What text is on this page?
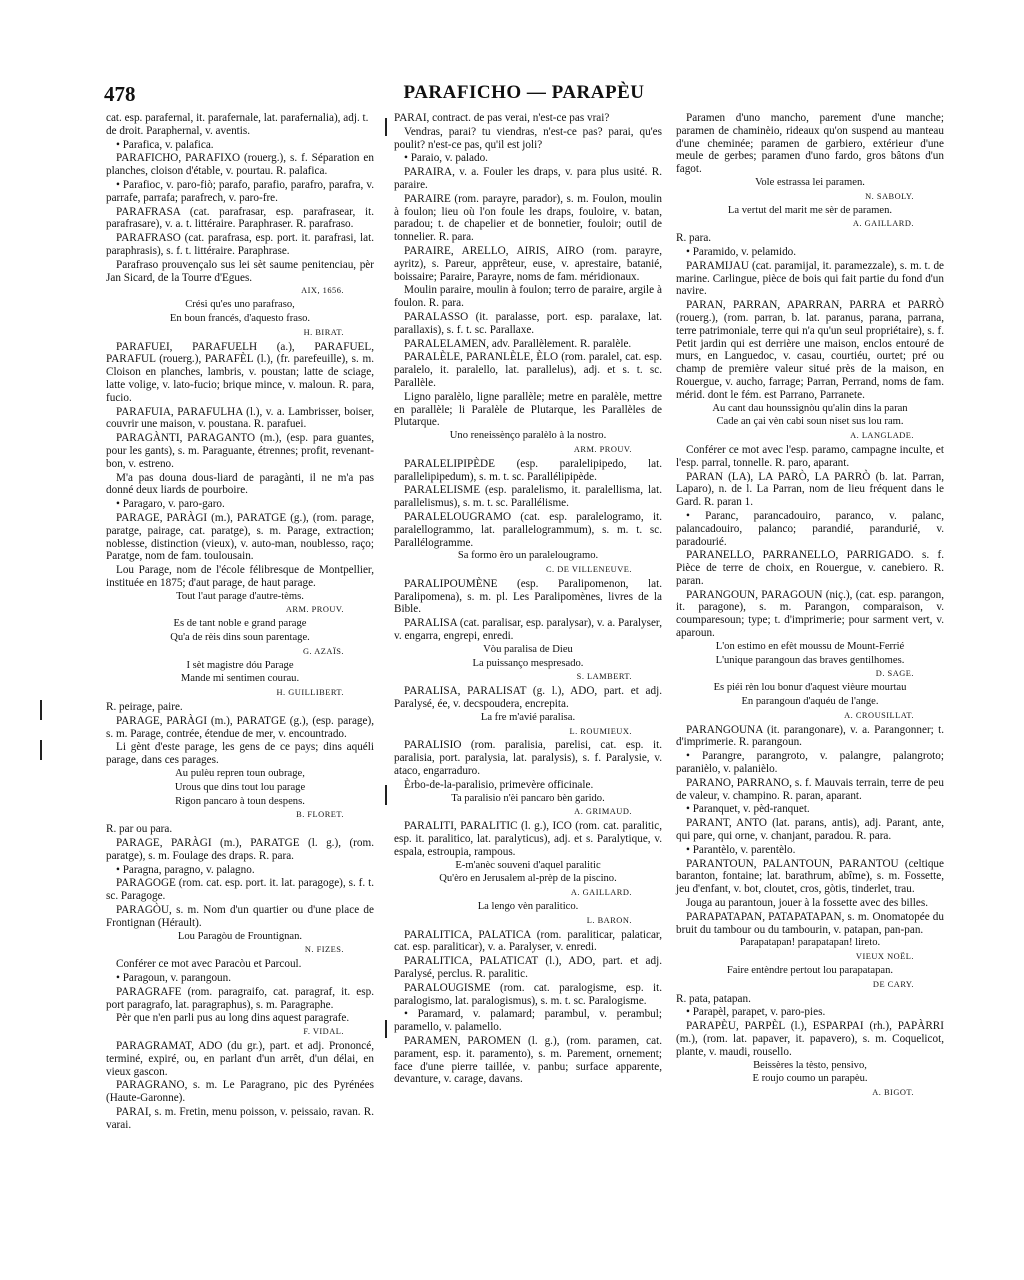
478	PARAFICHO — PARAPÈU

cat. esp. parafernal, it. parafernale, lat. parafernalia), adj. t. de droit. Paraphernal, v. aventis.

• Parafica, v. palafica.

PARAFICHO, PARAFIXO (rouerg.), s. f. Séparation en planches, cloison d'étable, v. pourtau. R. palafica.

• Parafioc, v. paro-fiò; parafo, parafio, parafro, parafra, v. parrafe, parrafa; parafrech, v. paro-fre.

PARAFRASA (cat. parafrasar, esp. parafrasear, it. parafrasare), v. a. t. littéraire. Paraphraser. R. parafraso.

PARAFRASO (cat. parafrasa, esp. port. it. parafrasi, lat. paraphrasis), s. f. t. littéraire. Paraphrase.

Parafraso prouvençalo sus lei sèt saume penitenciau, pèr Jan Sicard, de la Tourre d'Egues.

AIX, 1656.

Crési qu'es uno parafraso,

En boun francés, d'aquesto fraso.

H. BIRAT.

PARAFUEI, PARAFUELH (a.), PARAFUEL, PARAFUL (rouerg.), PARAFÈL (l.), (fr. parefeuille), s. m. Cloison en planches, lambris, v. poustan; latte de sciage, latte volige, v. lato-fucio; brique mince, v. maloun. R. para, fucio.

PARAFUIA, PARAFULHA (l.), v. a. Lambrisser, boiser, couvrir une maison, v. poustana. R. parafuei.

PARAGÀNTI, PARAGANTO (m.), (esp. para guantes, pour les gants), s. m. Paraguante, étrennes; profit, revenant-bon, v. estreno.

M'a pas douna dous-liard de paragànti, il ne m'a pas donné deux liards de pourboire.

• Paragaro, v. paro-garo.

PARAGE, PARÀGI (m.), PARATGE (g.), (rom. parage, paratge, pairage, cat. paratge), s. m. Parage, extraction; noblesse, distinction (vieux), v. auto-man, noublesso, raço; Paratge, nom de fam. toulousain.

Lou Parage, nom de l'école félibresque de Montpellier, instituée en 1875; d'aut parage, de haut parage.

Tout l'aut parage d'autre-tèms.

ARM. PROUV.

Es de tant noble e grand parage

Qu'a de rèis dins soun parentage.

G. AZAÏS.

I sèt magistre dóu Parage

Mande mi sentimen courau.

H. GUILLIBERT.

R. peirage, paire.

PARAGE, PARÀGI (m.), PARATGE (g.), (esp. parage), s. m. Parage, contrée, étendue de mer, v. encountrado.

Li gènt d'este parage, les gens de ce pays; dins aquéli parage, dans ces parages.

Au pulèu repren toun oubrage,

Urous que dins tout lou parage

Rigon pancaro à toun despens.

B. FLORET.

R. par ou para.

PARAGE, PARÀGI (m.), PARATGE (l. g.), (rom. paratge), s. m. Foulage des draps. R. para.

• Paragna, paragno, v. palagno.

PARAGOGE (rom. cat. esp. port. it. lat. paragoge), s. f. t. sc. Paragoge.

PARAGÒU, s. m. Nom d'un quartier ou d'une place de Frontignan (Hérault).

Lou Paragòu de Frountignan.

N. FIZES.

Conférer ce mot avec Paracòu et Parcoul.

• Paragoun, v. parangoun.

PARAGRAFE (rom. paragraifo, cat. paragraf, it. esp. port paragrafo, lat. paragraphus), s. m. Paragraphe.

Pèr que n'en parli pus au long dins aquest paragrafe.

F. VIDAL.

PARAGRAMAT, ADO (du gr.), part. et adj. Prononcé, terminé, expiré, ou, en parlant d'un arrêt, d'un délai, en vieux gascon.

PARAGRANO, s. m. Le Paragrano, pic des Pyrénées (Haute-Garonne).

PARAI, s. m. Fretin, menu poisson, v. peissaio, ravan. R. varai.

PARAI, contract. de pas verai, n'est-ce pas vrai?

Vendras, parai? tu viendras, n'est-ce pas? parai, qu'es poulit? n'est-ce pas, qu'il est joli?

• Paraio, v. palado.

PARAIRA, v. a. Fouler les draps, v. para plus usité. R. paraire.

PARAIRE (rom. parayre, parador), s. m. Foulon, moulin à foulon; lieu où l'on foule les draps, fouloire, v. batan, paradou; t. de chapelier et de bonnetier, fouloir; outil de tonnelier. R. para.

PARAIRE, ARELLO, AIRIS, AIRO (rom. parayre, ayritz), s. Pareur, apprêteur, euse, v. aprestaire, batanié, boissaire; Paraire, Parayre, noms de fam. méridionaux.

Moulin paraire, moulin à foulon; terro de paraire, argile à foulon. R. para.

PARALASSO (it. paralasse, port. esp. paralaxe, lat. parallaxis), s. f. t. sc. Parallaxe.

PARALELAMEN, adv. Parallèlement. R. paralèle.

PARALÈLE, PARANLÈLE, ÈLO (rom. paralel, cat. esp. paralelo, it. paralello, lat. parallelus), adj. et s. t. sc. Parallèle.

Ligno paralèlo, ligne parallèle; metre en paralèle, mettre en parallèle; li Paralèle de Plutarque, les Parallèles de Plutarque.

Uno reneissènço paralèlo à la nostro.

ARM. PROUV.

PARALELIPIPÈDE (esp. paralelipipedo, lat. parallelipipedum), s. m. t. sc. Parallélipipède.

PARALELISME (esp. paralelismo, it. paralellisma, lat. parallelismus), s. m. t. sc. Parallélisme.

PARALELOUGRAMO (cat. esp. paralelogramo, it. paralellogrammo, lat. parallelogrammum), s. m. t. sc. Parallélogramme.

Sa formo èro un paralelougramo.

C. DE VILLENEUVE.

PARALIPOUMÈNE (esp. Paralipomenon, lat. Paralipomena), s. m. pl. Les Paralipomènes, livres de la Bible.

PARALISA (cat. paralisar, esp. paralysar), v. a. Paralyser, v. engarra, engrepi, enredi.

Vòu paralisa de Dieu

La puissanço mespresado.

S. LAMBERT.

PARALISA, PARALISAT (g. l.), ADO, part. et adj. Paralysé, ée, v. decspoudera, encrepita.

La fre m'avié paralisa.

L. ROUMIEUX.

PARALISIO (rom. paralisia, parelisi, cat. esp. it. paralisia, port. paralysia, lat. paralysis), s. f. Paralysie, v. ataco, engarraduro.

Èrbo-de-la-paralisio, primevère officinale.

Ta paralisio n'èi pancaro bèn garido.

A. GRIMAUD.

PARALITI, PARALITIC (l. g.), ICO (rom. cat. paralitic, esp. it. paralitico, lat. paralyticus), adj. et s. Paralytique, v. espala, estroupia, rampous.

E-m'anèc souveni d'aquel paralitic

Qu'èro en Jerusalem al-prèp de la piscino.

A. GAILLARD.

La lengo vèn paralitico.

L. BARON.

PARALITICA, PALATICA (rom. paraliticar, palaticar, cat. esp. paraliticar), v. a. Paralyser, v. enredi.

PARALITICA, PALATICAT (l.), ADO, part. et adj. Paralysé, perclus. R. paralitic.

PARALOUGISME (rom. cat. paralogisme, esp. it. paralogismo, lat. paralogismus), s. m. t. sc. Paralogisme.

• Paramard, v. palamard; parambul, v. perambul; paramello, v. palamello.

PARAMEN, PAROMEN (l. g.), (rom. paramen, cat. parament, esp. it. paramento), s. m. Parement, ornement; face d'une pierre taillée, v. panbu; surface apparente, devanture, v. carage, davans.

Paramen d'uno mancho, parement d'une manche; paramen de chaminèio, rideaux qu'on suspend au manteau d'une cheminée; paramen de garbiero, extérieur d'une meule de gerbes; paramen d'uno fardo, gros bâtons d'un fagot.

Vole estrassa lei paramen.

N. SABOLY.

La vertut del marit me sèr de paramen.

A. GAILLARD.

R. para.

• Paramido, v. pelamido.

PARAMIJAU (cat. paramijal, it. paramezzale), s. m. t. de marine. Carlingue, pièce de bois qui fait partie du fond d'un navire.

PARAN, PARRAN, APARRAN, PARRA et PARRÒ (rouerg.), (rom. parran, b. lat. paranus, parana, parrana, terre patrimoniale, terre qui n'a qu'un seul propriétaire), s. f. Petit jardin qui est derrière une maison, enclos entouré de murs, en Languedoc, v. casau, courtiéu, ourtet; pré ou champ de première valeur situé près de la maison, en Rouergue, v. aucho, farrage; Parran, Perrand, noms de fam. mérid. dont le fém. est Parrano, Parranete.

Au cant dau hounssignòu qu'alin dins la paran

Cade an çai vèn cabi soun niset sus lou ram.

A. LANGLADE.

Conférer ce mot avec l'esp. paramo, campagne inculte, et l'esp. parral, tonnelle. R. paro, aparant.

PARAN (LA), LA PARÒ, LA PARRÒ (b. lat. Parran, Laparo), n. de l. La Parran, nom de lieu fréquent dans le Gard. R. paran 1.

• Paranc, parancadouiro, paranco, v. palanc, palancadouiro, palanco; parandié, parandurié, v. paradourié.

PARANELLO, PARRANELLO, PARRIGADO. s. f. Pièce de terre de choix, en Rouergue, v. canebiero. R. paran.

PARANGOUN, PARAGOUN (niç.), (cat. esp. parangon, it. paragone), s. m. Parangon, comparaison, v. coumparesoun; type; t. d'imprimerie; pour sarment vert, v. aparoun.

L'on estimo en efèt moussu de Mount-Ferrié

L'unique parangoun das braves gentilhomes.

D. SAGE.

Es piéi rèn lou bonur d'aquest vièure mourtau

En parangoun d'aquéu de l'ange.

A. CROUSILLAT.

PARANGOUNA (it. parangonare), v. a. Parangonner; t. d'imprimerie. R. parangoun.

• Parangre, parangroto, v. palangre, palangroto; paranièlo, v. palanièlo.

PARANO, PARRANO, s. f. Mauvais terrain, terre de peu de valeur, v. champino. R. paran, aparant.

• Paranquet, v. pèd-ranquet.

PARANT, ANTO (lat. parans, antis), adj. Parant, ante, qui pare, qui orne, v. chanjant, paradou. R. para.

• Parantèlo, v. parentèlo.

PARANTOUN, PALANTOUN, PARANTOU (celtique baranton, fontaine; lat. barathrum, abîme), s. m. Fossette, jeu d'enfant, v. bot, cloutet, cros, gòtis, tinderlet, trau.

Jouga au parantoun, jouer à la fossette avec des billes.

PARAPATAPAN, PATAPATAPAN, s. m. Onomatopée du bruit du tambour ou du tambourin, v. patapan, pan-pan.

Parapatapan! parapatapan! lireto.

VIEUX NOËL.

Faire entèndre pertout lou parapatapan.

DE CARY.

R. pata, patapan.

• Parapèl, parapet, v. paro-pies.

PARAPÈU, PARPÈL (l.), ESPARPAI (rh.), PAPÀRRI (m.), (rom. lat. papaver, it. papavero), s. m. Coquelicot, plante, v. maudi, rousello.

Beissères la tèsto, pensivo,

E roujo coumo un parapèu.

A. BIGOT.
